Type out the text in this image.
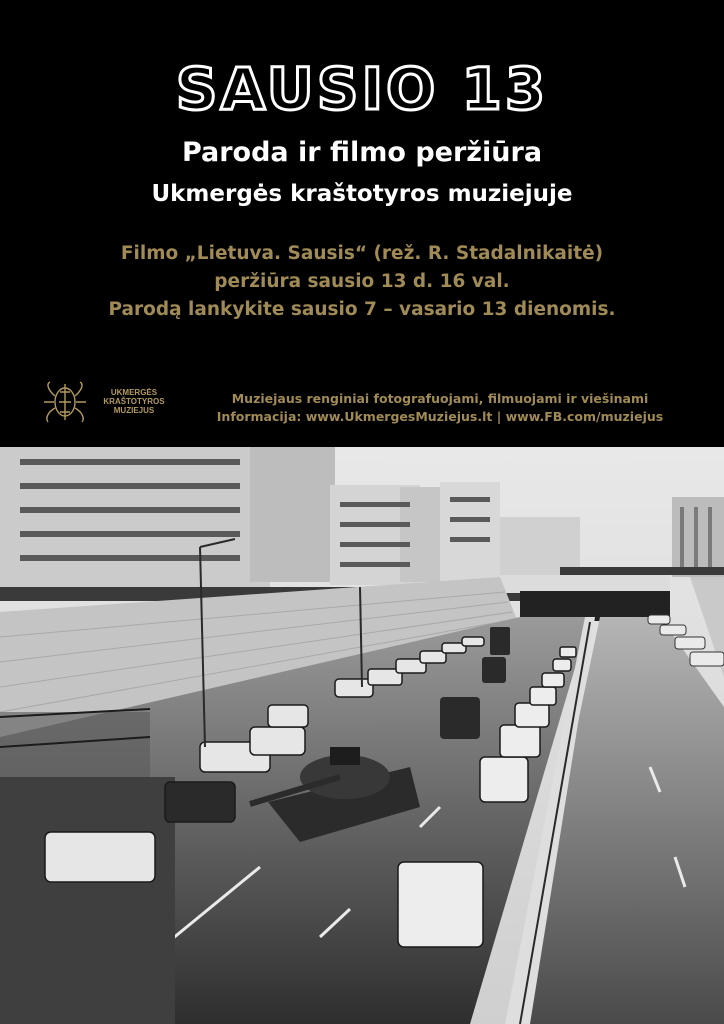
SAUSIO 13
Paroda ir filmo peržiūra
Ukmergės kraštotyros muziejuje
Filmo „Lietuva. Sausis“ (rež. R. Stadalnikaitė)
peržiūra sausio 13 d. 16 val.
Parodą lankykite sausio 7 – vasario 13 dienomis.
UKMERGĖS
KRAŠTOTYROS
MUZIEJUS
Muziejaus renginiai fotografuojami, filmuojami ir viešinami
Informacija: www.UkmergesMuziejus.lt | www.FB.com/muziejus
